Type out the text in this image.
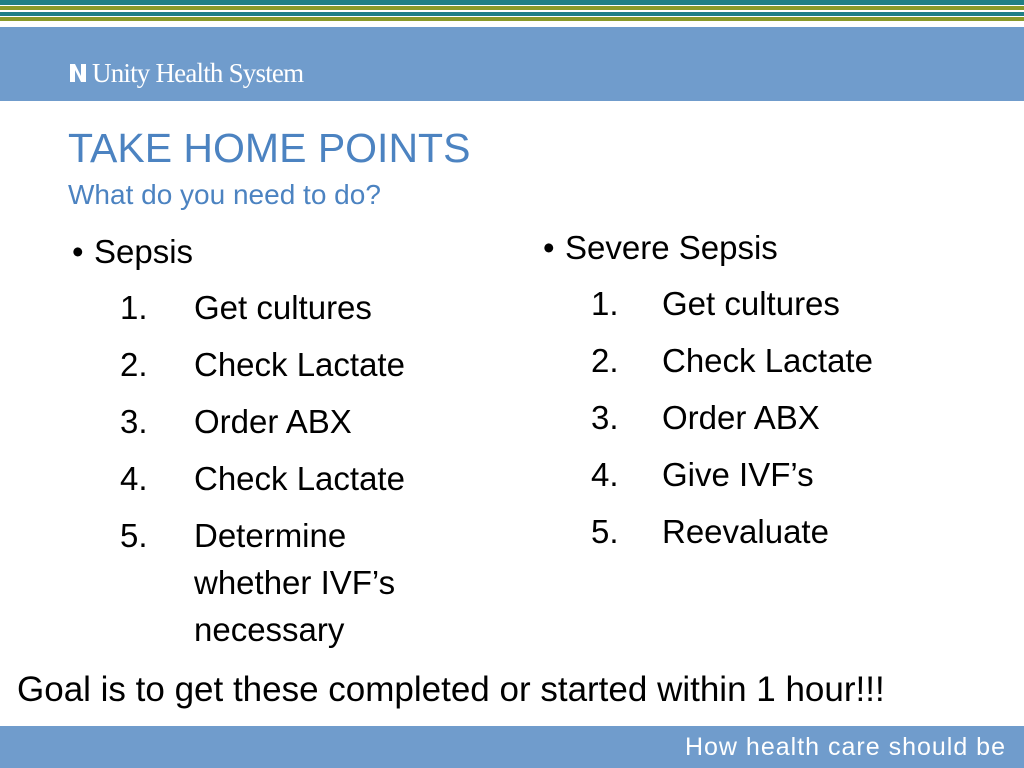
Unity Health System
TAKE HOME POINTS
What do you need to do?
• Sepsis
1.	Get cultures
2.	Check Lactate
3.	Order ABX
4.	Check Lactate
5.	Determine whether IVF’s necessary
• Severe Sepsis
1.	Get cultures
2.	Check Lactate
3.	Order ABX
4.	Give IVF’s
5.	Reevaluate
Goal is to get these completed or started within 1 hour!!!
How health care should be
